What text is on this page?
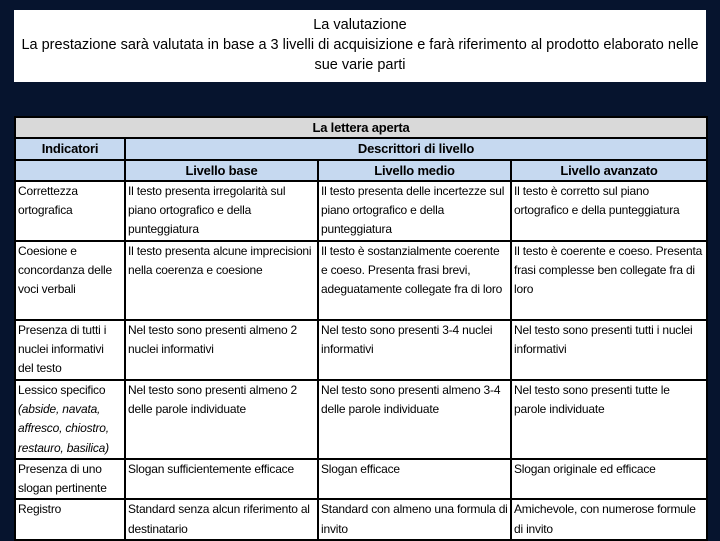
La valutazione
La prestazione sarà valutata in base a 3 livelli di acquisizione e farà riferimento al prodotto elaborato nelle sue varie parti
La lettera aperta			
Indicatori	Descrittori di livello		
	Livello base	Livello medio	Livello avanzato
Correttezza ortografica	Il testo presenta irregolarità sul piano ortografico e della punteggiatura	Il testo presenta delle incertezze sul piano ortografico e della punteggiatura	Il testo è corretto sul piano ortografico e della punteggiatura
Coesione e concordanza delle voci verbali	Il testo presenta alcune imprecisioni nella coerenza e coesione	Il testo è sostanzialmente coerente e coeso. Presenta frasi brevi, adeguatamente collegate fra di loro	Il testo è coerente e coeso. Presenta frasi complesse ben collegate fra di loro
Presenza di tutti i nuclei informativi del testo	Nel testo sono presenti almeno 2 nuclei informativi	Nel testo sono presenti 3-4 nuclei informativi	Nel testo sono presenti tutti i nuclei informativi
Lessico specifico (abside, navata, affresco, chiostro, restauro, basilica)	Nel testo sono presenti almeno 2 delle parole individuate	Nel testo sono presenti almeno 3-4 delle parole individuate	Nel testo sono presenti tutte le parole individuate
Presenza di uno slogan pertinente	Slogan sufficientemente efficace	Slogan efficace	Slogan originale ed efficace
Registro	Standard senza alcun riferimento al destinatario	Standard con almeno una formula di invito	Amichevole, con numerose formule di invito
